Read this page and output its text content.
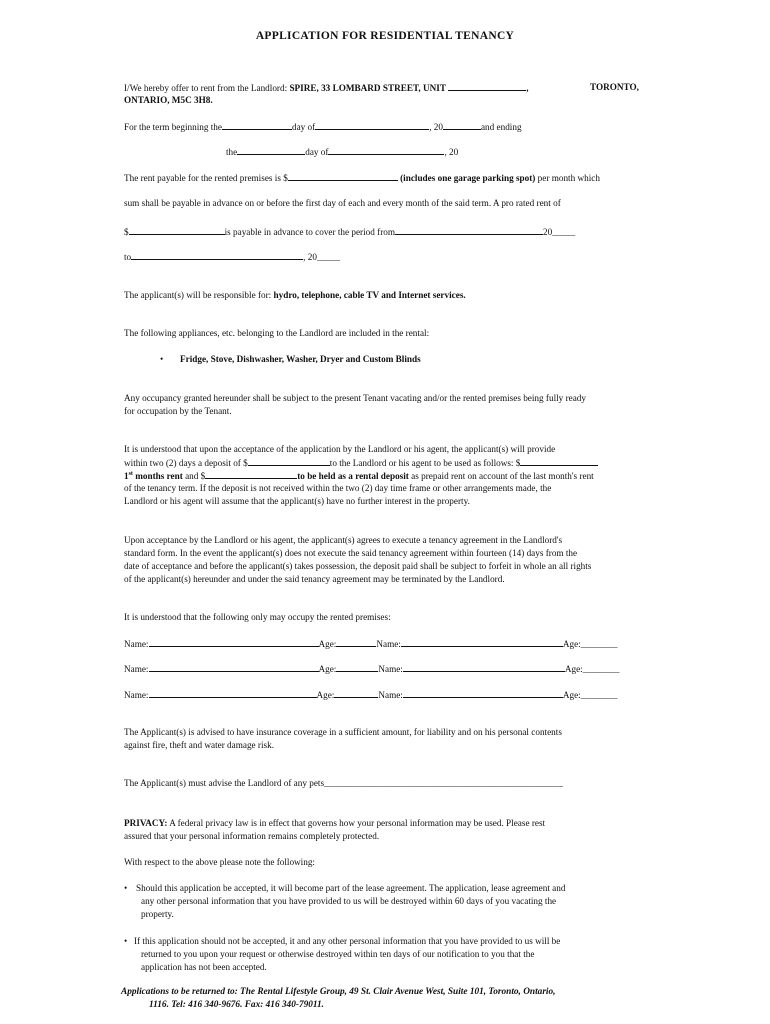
APPLICATION FOR RESIDENTIAL TENANCY
I/We hereby offer to rent from the Landlord: SPIRE, 33 LOMBARD STREET, UNIT	,	TORONTO,
ONTARIO, M5C 3H8.
For the term beginning the	day of	, 20	and ending
the	day of	, 20
The rent payable for the rented premises is $	(includes one garage parking spot) per month which
sum shall be payable in advance on or before the first day of each and every month of the said term. A pro rated rent of
$	is payable in advance to cover the period from	20_____
to	, 20_____
The applicant(s) will be responsible for: hydro, telephone, cable TV and Internet services.
The following appliances, etc. belonging to the Landlord are included in the rental:
• Fridge, Stove, Dishwasher, Washer, Dryer and Custom Blinds
Any occupancy granted hereunder shall be subject to the present Tenant vacating and/or the rented premises being fully ready
for occupation by the Tenant.
It is understood that upon the acceptance of the application by the Landlord or his agent, the applicant(s) will provide
within two (2) days a deposit of $	to the Landlord or his agent to be used as follows: $
1st months rent and $	to be held as a rental deposit as prepaid rent on account of the last month's rent
of the tenancy term. If the deposit is not received within the two (2) day time frame or other arrangements made, the
Landlord or his agent will assume that the applicant(s) have no further interest in the property.
Upon acceptance by the Landlord or his agent, the applicant(s) agrees to execute a tenancy agreement in the Landlord's
standard form. In the event the applicant(s) does not execute the said tenancy agreement within fourteen (14) days from the
date of acceptance and before the applicant(s) takes possession, the deposit paid shall be subject to forfeit in whole an all rights
of the applicant(s) hereunder and under the said tenancy agreement may be terminated by the Landlord.
It is understood that the following only may occupy the rented premises:
Name:	Age:	Name:	Age:________
Name:	Age:	Name:	Age:________
Name:	Age:	Name:	Age:________
The Applicant(s) is advised to have insurance coverage in a sufficient amount, for liability and on his personal contents
against fire, theft and water damage risk.
The Applicant(s) must advise the Landlord of any pets____________________________________________________
PRIVACY: A federal privacy law is in effect that governs how your personal information may be used. Please rest
assured that your personal information remains completely protected.
With respect to the above please note the following:
• Should this application be accepted, it will become part of the lease agreement. The application, lease agreement and
any other personal information that you have provided to us will be destroyed within 60 days of you vacating the
property.
• If this application should not be accepted, it and any other personal information that you have provided to us will be
returned to you upon your request or otherwise destroyed within ten days of our notification to you that the
application has not been accepted.
Applications to be returned to: The Rental Lifestyle Group, 49 St. Clair Avenue West, Suite 101, Toronto, Ontario,
1116. Tel: 416 340-9676. Fax: 416 340-79011.
